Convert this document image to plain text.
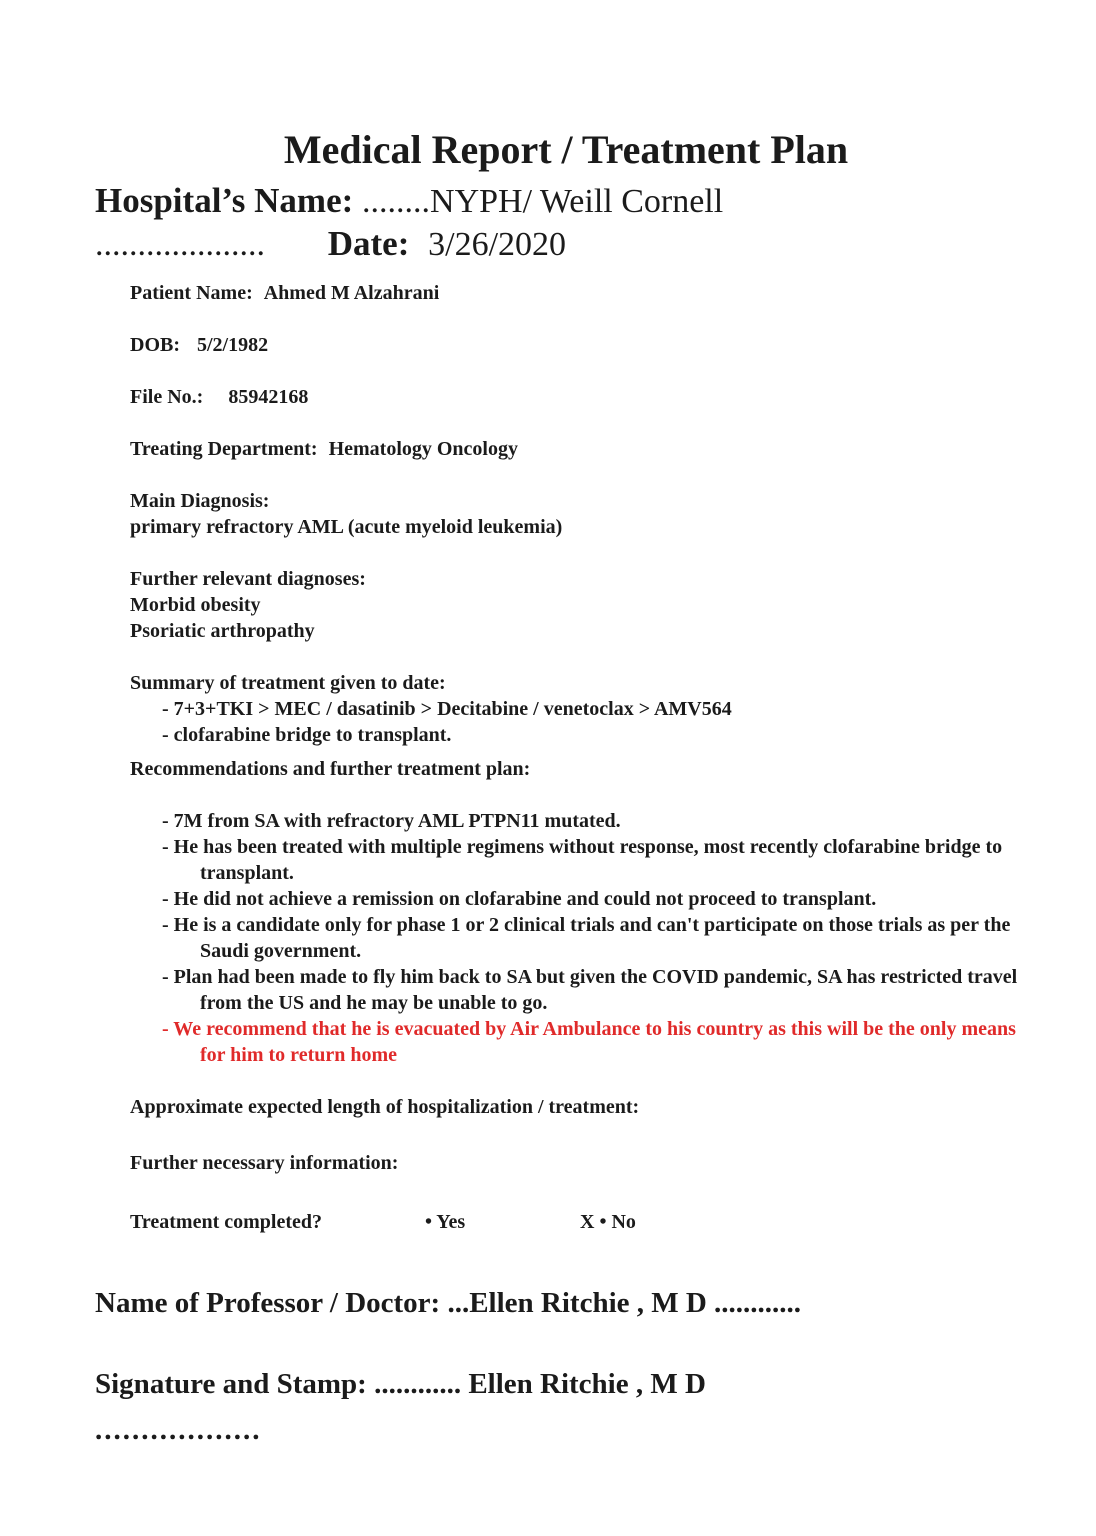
Medical Report / Treatment Plan
Hospital’s Name: ........NYPH/ Weill Cornell
.................... Date: 3/26/2020

Patient Name: Ahmed M Alzahrani

DOB: 5/2/1982

File No.: 85942168

Treating Department: Hematology Oncology

Main Diagnosis:

primary refractory AML (acute myeloid leukemia)

Further relevant diagnoses:

Morbid obesity

Psoriatic arthropathy

Summary of treatment given to date:

- 7+3+TKI > MEC / dasatinib > Decitabine / venetoclax > AMV564

- clofarabine bridge to transplant.

Recommendations and further treatment plan:

- 7M from SA with refractory AML PTPN11 mutated.

- He has been treated with multiple regimens without response, most recently clofarabine bridge to transplant.

- He did not achieve a remission on clofarabine and could not proceed to transplant.

- He is a candidate only for phase 1 or 2 clinical trials and can't participate on those trials as per the Saudi government.

- Plan had been made to fly him back to SA but given the COVID pandemic, SA has restricted travel from the US and he may be unable to go.

- We recommend that he is evacuated by Air Ambulance to his country as this will be the only means for him to return home

Approximate expected length of hospitalization / treatment:

Further necessary information:

Treatment completed?	• Yes	X • No

Name of Professor / Doctor: ...Ellen Ritchie , M D ............

Signature and Stamp: ............ Ellen Ritchie , M D

..................
